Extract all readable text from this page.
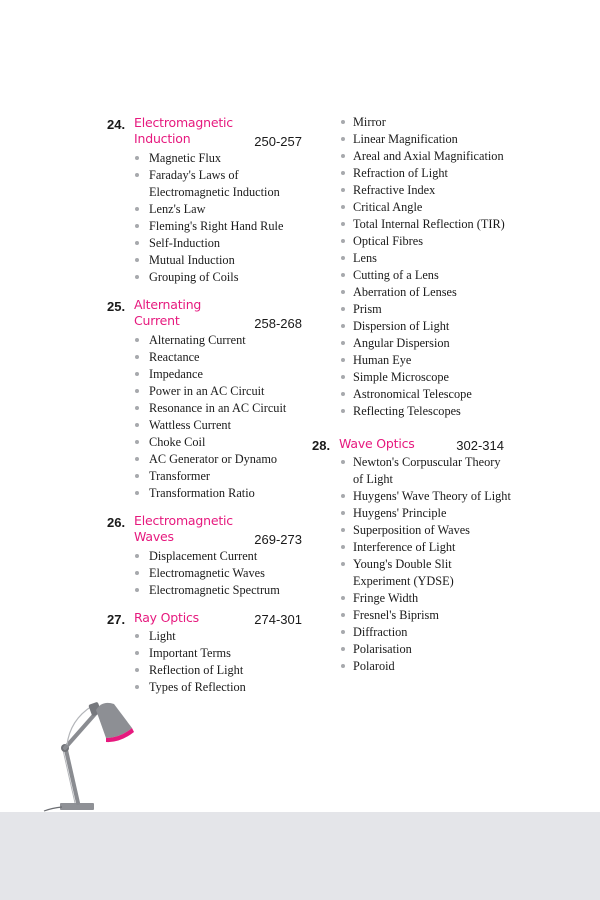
24. Electromagnetic Induction	250-257
Magnetic Flux
Faraday's Laws of Electromagnetic Induction
Lenz's Law
Fleming's Right Hand Rule
Self-Induction
Mutual Induction
Grouping of Coils
25. Alternating Current	258-268
Alternating Current
Reactance
Impedance
Power in an AC Circuit
Resonance in an AC Circuit
Wattless Current
Choke Coil
AC Generator or Dynamo
Transformer
Transformation Ratio
26. Electromagnetic Waves	269-273
Displacement Current
Electromagnetic Waves
Electromagnetic Spectrum
27. Ray Optics	274-301
Light
Important Terms
Reflection of Light
Types of Reflection
Mirror
Linear Magnification
Areal and Axial Magnification
Refraction of Light
Refractive Index
Critical Angle
Total Internal Reflection (TIR)
Optical Fibres
Lens
Cutting of a Lens
Aberration of Lenses
Prism
Dispersion of Light
Angular Dispersion
Human Eye
Simple Microscope
Astronomical Telescope
Reflecting Telescopes
28. Wave Optics	302-314
Newton's Corpuscular Theory of Light
Huygens' Wave Theory of Light
Huygens' Principle
Superposition of Waves
Interference of Light
Young's Double Slit Experiment (YDSE)
Fringe Width
Fresnel's Biprism
Diffraction
Polarisation
Polaroid
